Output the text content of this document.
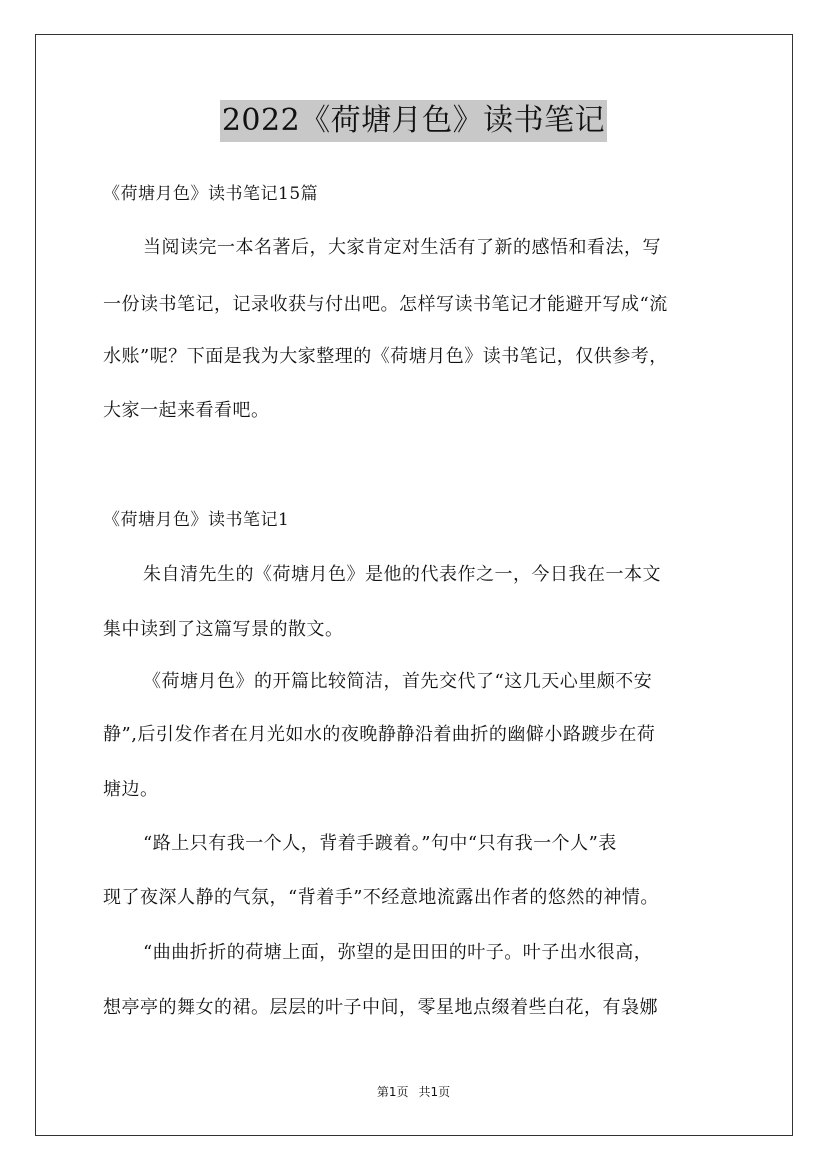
2022《荷塘月色》读书笔记
《荷塘月色》读书笔记15篇
当阅读完一本名著后，大家肯定对生活有了新的感悟和看法，写
一份读书笔记，记录收获与付出吧。怎样写读书笔记才能避开写成“流
水账”呢？下面是我为大家整理的《荷塘月色》读书笔记，仅供参考，
大家一起来看看吧。
《荷塘月色》读书笔记1
朱自清先生的《荷塘月色》是他的代表作之一，今日我在一本文
集中读到了这篇写景的散文。
《荷塘月色》的开篇比较简洁，首先交代了“这几天心里颇不安
静”,后引发作者在月光如水的夜晚静静沿着曲折的幽僻小路踱步在荷
塘边。
“路上只有我一个人，背着手踱着。”句中“只有我一个人”表
现了夜深人静的气氛，“背着手”不经意地流露出作者的悠然的神情。
“曲曲折折的荷塘上面，弥望的是田田的叶子。叶子出水很高，
想亭亭的舞女的裙。层层的叶子中间，零星地点缀着些白花，有袅娜
第1页 共1页
